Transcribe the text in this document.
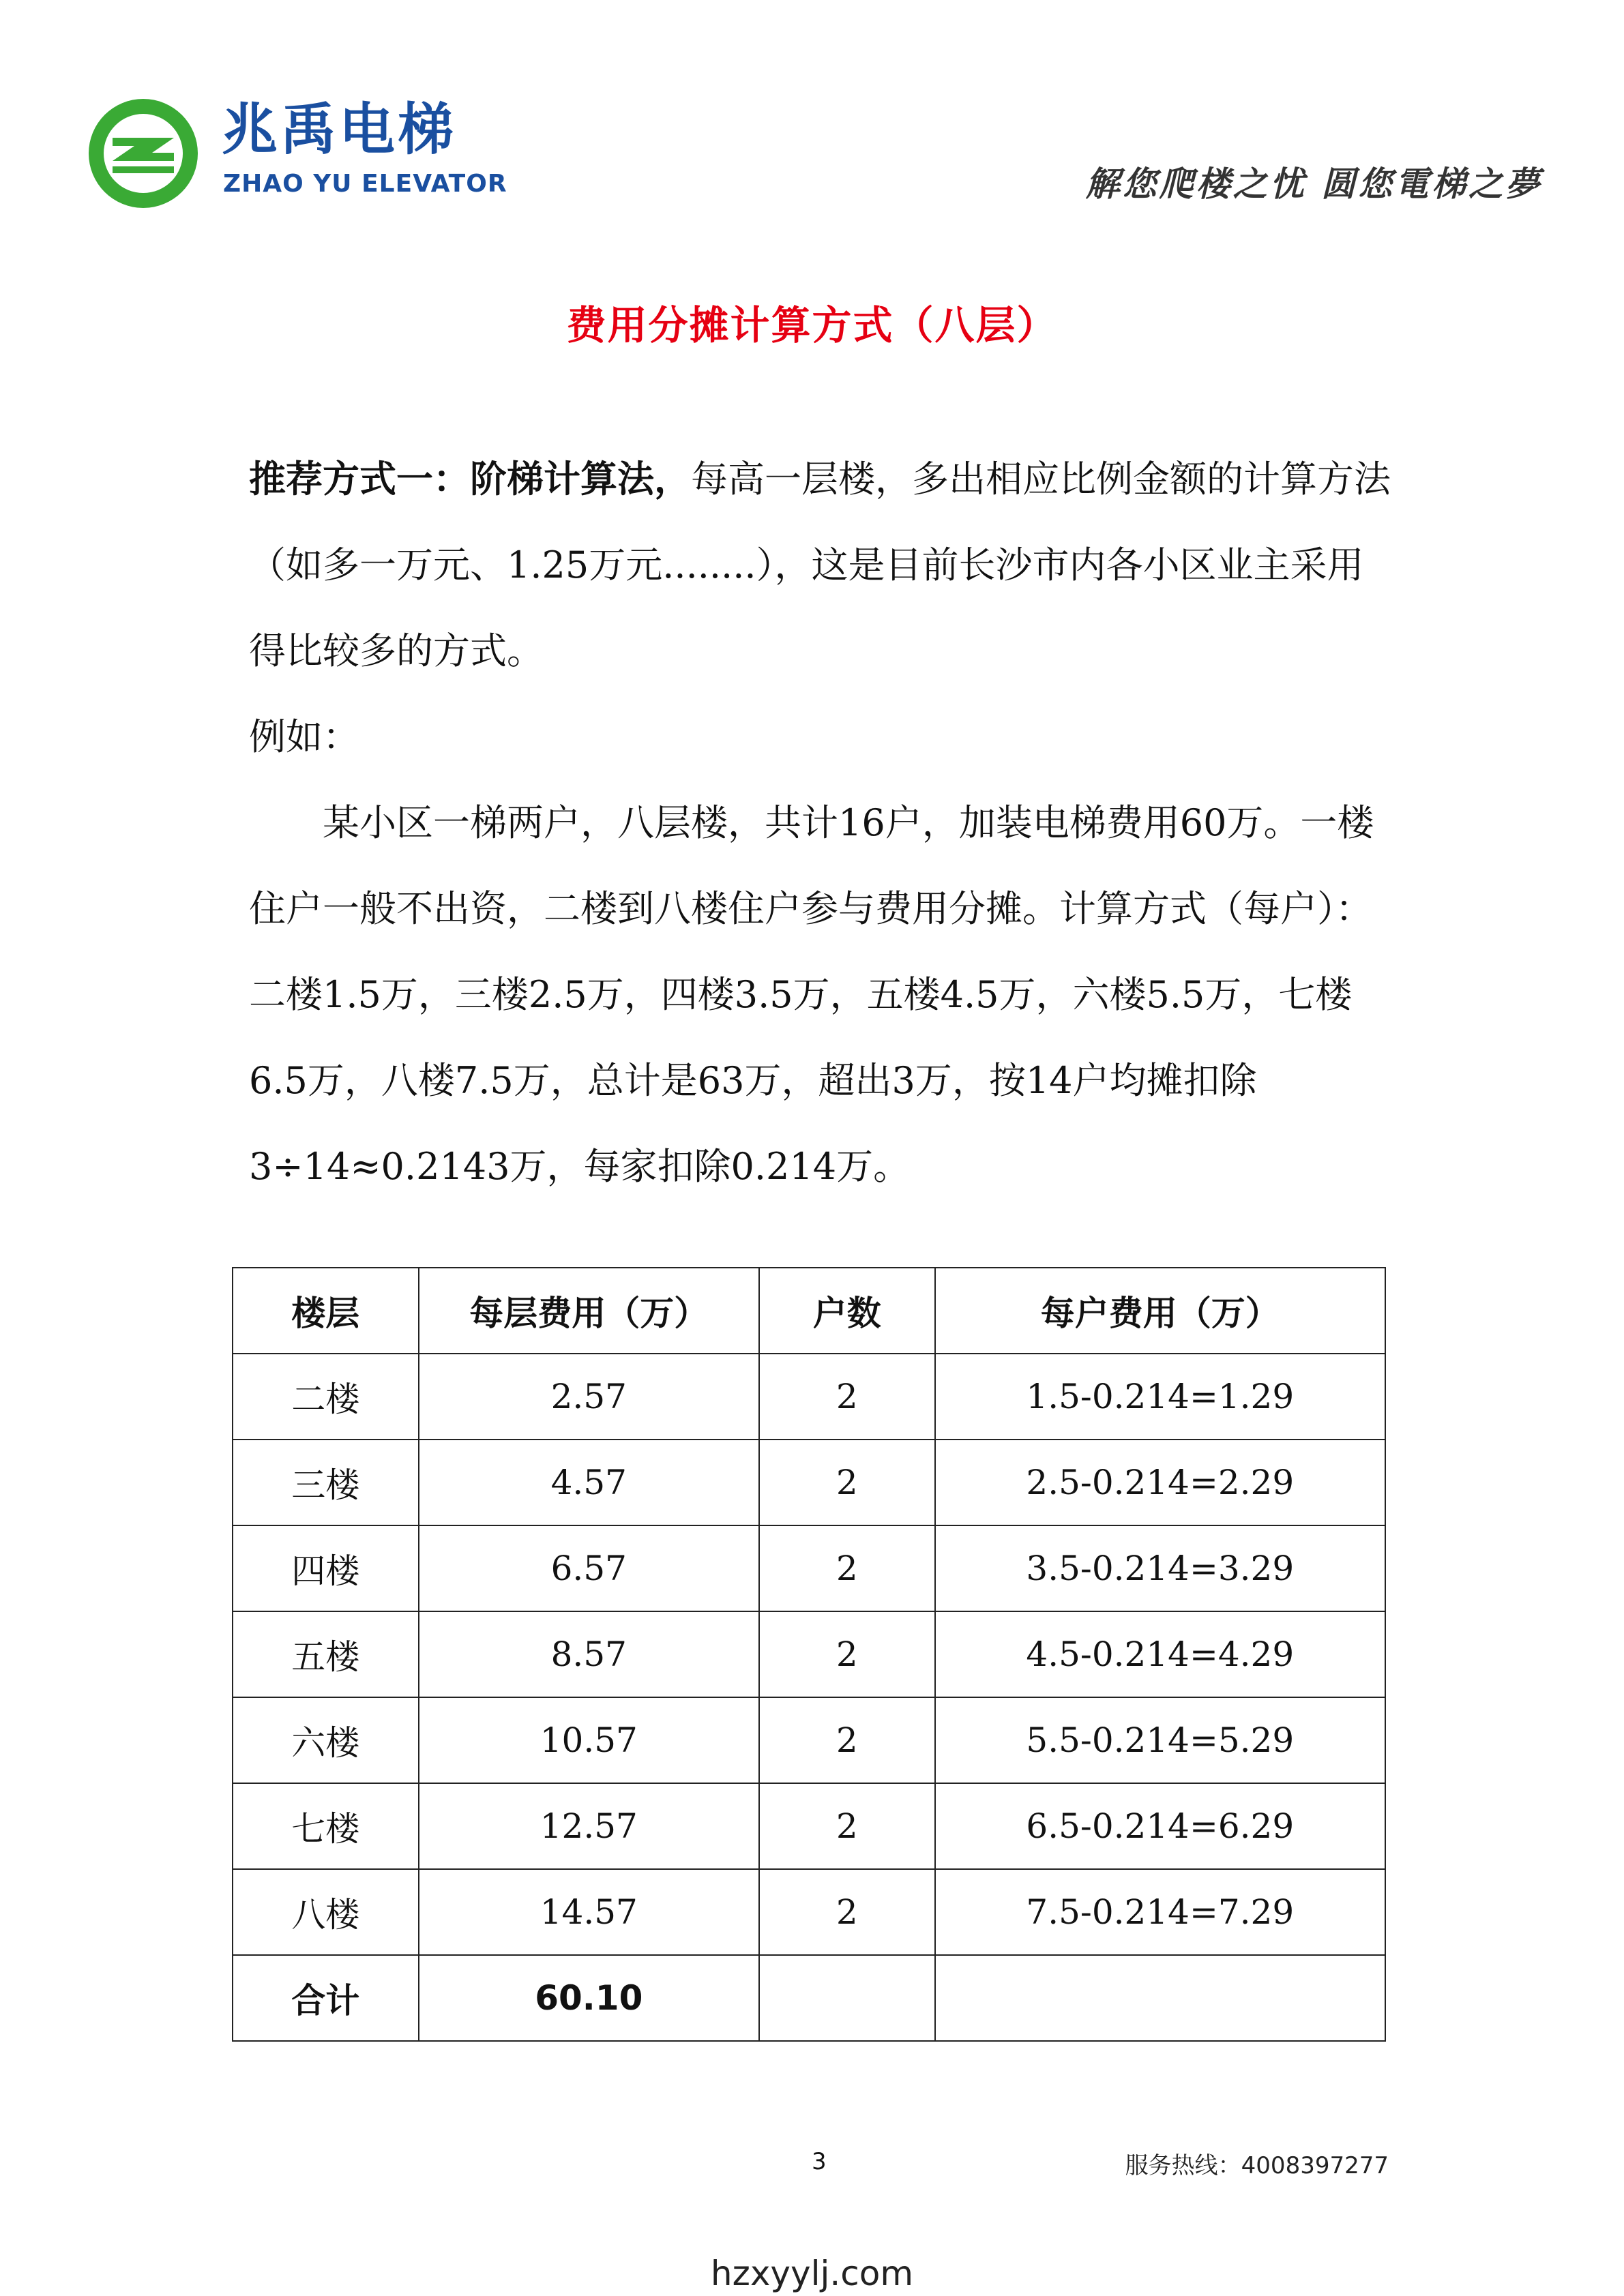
兆禹电梯
ZHAO YU ELEVATOR	解您爬楼之忧 圆您電梯之夢
费用分摊计算方式（八层）

推荐方式一：阶梯计算法，每高一层楼，多出相应比例金额的计算方法（如多一万元、1.25万元........），这是目前长沙市内各小区业主采用得比较多的方式。

例如：

某小区一梯两户，八层楼，共计16户，加装电梯费用60万。一楼住户一般不出资，二楼到八楼住户参与费用分摊。计算方式（每户）：二楼1.5万，三楼2.5万，四楼3.5万，五楼4.5万，六楼5.5万，七楼6.5万，八楼7.5万，总计是63万，超出3万，按14户均摊扣除3÷14≈0.2143万，每家扣除0.214万。

楼层	每层费用（万）	户数	每户费用（万）
二楼	2.57	2	1.5-0.214=1.29
三楼	4.57	2	2.5-0.214=2.29
四楼	6.57	2	3.5-0.214=3.29
五楼	8.57	2	4.5-0.214=4.29
六楼	10.57	2	5.5-0.214=5.29
七楼	12.57	2	6.5-0.214=6.29
八楼	14.57	2	7.5-0.214=7.29
合计	60.10		
3	服务热线：4008397277
hzxyylj.com
